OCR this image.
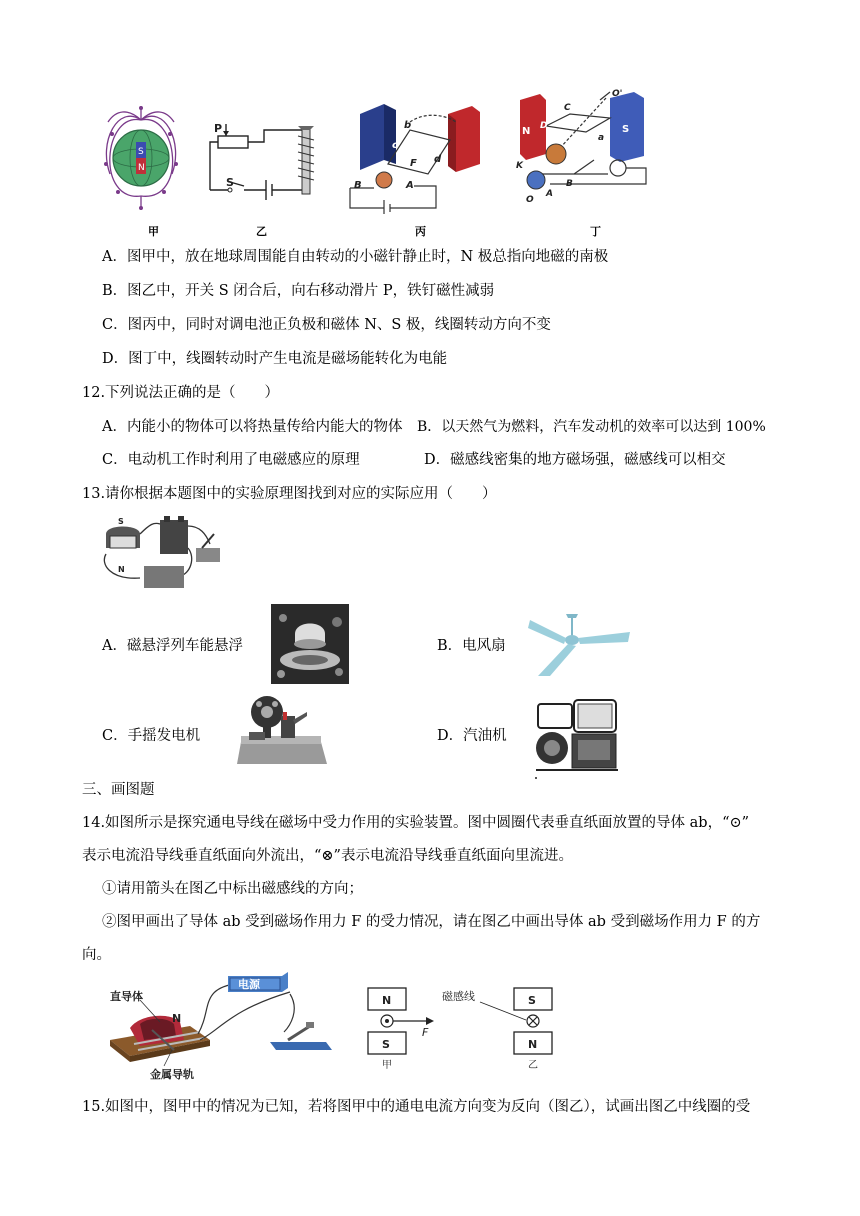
S
N
P
S
b
c
d
F
B	A
N	S
O'
C
D
a
K
B
A
O
甲	乙	丙	丁
A．图甲中，放在地球周围能自由转动的小磁针静止时，N 极总指向地磁的南极
B．图乙中，开关 S 闭合后，向右移动滑片 P，铁钉磁性减弱
C．图丙中，同时对调电池正负极和磁体 N、S 极，线圈转动方向不变
D．图丁中，线圈转动时产生电流是磁场能转化为电能
12.下列说法正确的是（　　）
A．内能小的物体可以将热量传给内能大的物体 B．以天然气为燃料，汽车发动机的效率可以达到 100%
C．电动机工作时利用了电磁感应的原理	D．磁感线密集的地方磁场强，磁感线可以相交
13.请你根据本题图中的实验原理图找到对应的实际应用（　　）
S
N
A．磁悬浮列车能悬浮	B．电风扇
C．手摇发电机	D．汽油机
三、画图题
14.如图所示是探究通电导线在磁场中受力作用的实验装置。图中圆圈代表垂直纸面放置的导体 ab，“⊙”
表示电流沿导线垂直纸面向外流出，“⊗”表示电流沿导线垂直纸面向里流进。
①请用箭头在图乙中标出磁感线的方向；
②图甲画出了导体 ab 受到磁场作用力 F 的受力情况，请在图乙中画出导体 ab 受到磁场作用力 F 的方
向。
直导体
电源
金属导轨
N
N
S
F
甲
S
N
磁感线
乙
15.如图中，图甲中的情况为已知，若将图甲中的通电电流方向变为反向（图乙），试画出图乙中线圈的受
